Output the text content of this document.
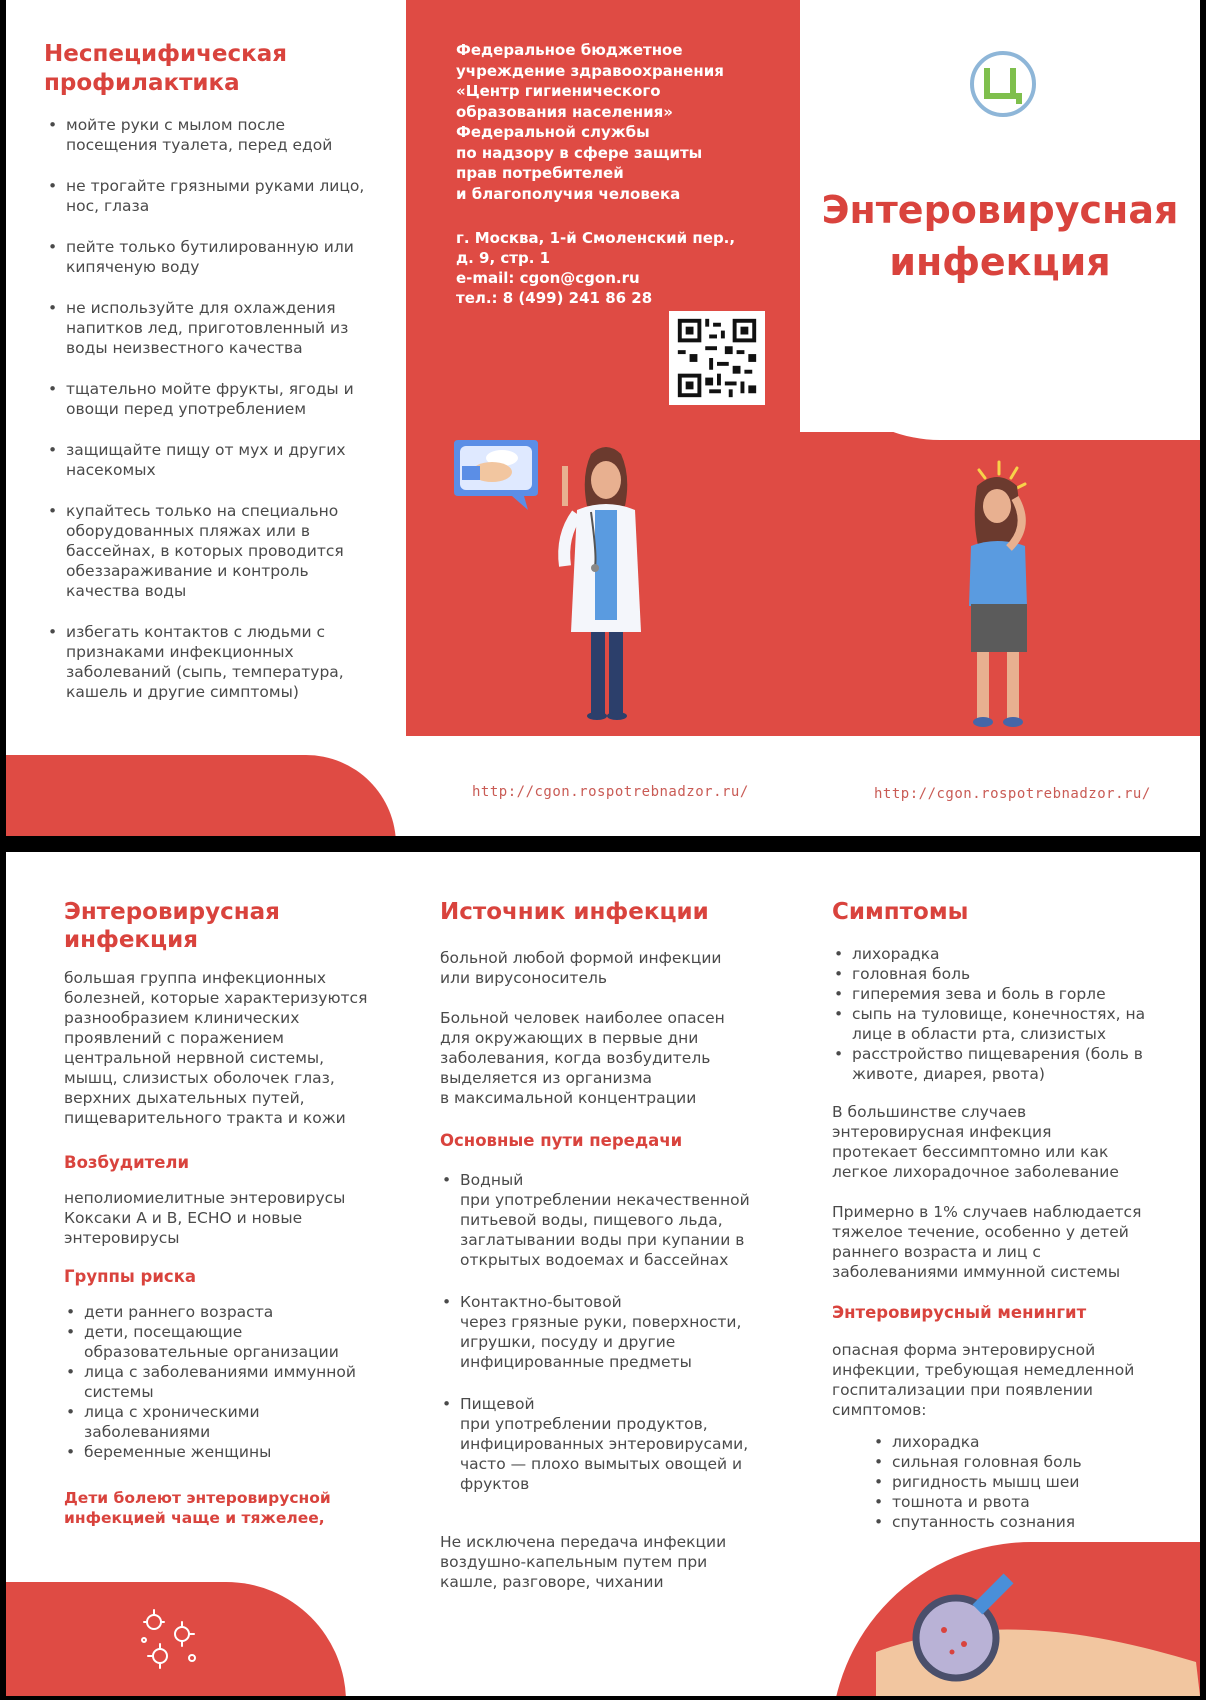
Неспецифическая профилактика
• мойте руки с мылом после посещения туалета, перед едой
• не трогайте грязными руками лицо, нос, глаза
• пейте только бутилированную или кипяченую воду
• не используйте для охлаждения напитков лед, приготовленный из воды неизвестного качества
• тщательно мойте фрукты, ягоды и овощи перед употреблением
• защищайте пищу от мух и других насекомых
• купайтесь только на специально оборудованных пляжах или в бассейнах, в которых проводится обеззараживание и контроль качества воды
• избегать контактов с людьми с признаками инфекционных заболеваний (сыпь, температура, кашель и другие симптомы)

Федеральное бюджетное

учреждение здравоохранения

«Центр гигиенического

образования населения»

Федеральной службы

по надзору в сфере защиты

прав потребителей

и благополучия человека

г. Москва, 1-й Смоленский пер.,

д. 9, стр. 1

e-mail: cgon@cgon.ru

тел.: 8 (499) 241 86 28

Энтеровирусная
инфекция
http://cgon.rospotrebnadzor.ru/	http://cgon.rospotrebnadzor.ru/
Энтеровирусная
инфекция

большая группа инфекционных

болезней, которые характеризуются

разнообразием клинических

проявлений с поражением

центральной нервной системы,

мышц, слизистых оболочек глаз,

верхних дыхательных путей,

пищеварительного тракта и кожи

Возбудители

неполиомиелитные энтеровирусы

Коксаки А и В, ECHO и новые

энтеровирусы

Группы риска
• дети раннего возраста
• дети, посещающие образовательные организации
• лица с заболеваниями иммунной системы
• лица с хроническими заболеваниями
• беременные женщины
Дети болеют энтеровирусной
инфекцией чаще и тяжелее,
Источник инфекции

больной любой формой инфекции

или вирусоноситель

Больной человек наиболее опасен

для окружающих в первые дни

заболевания, когда возбудитель

выделяется из организма

в максимальной концентрации

Основные пути передачи
• Водный
при употреблении некачественной питьевой воды, пищевого льда, заглатывании воды при купании в открытых водоемах и бассейнах
• Контактно-бытовой
через грязные руки, поверхности, игрушки, посуду и другие инфицированные предметы
• Пищевой
при употреблении продуктов, инфицированных энтеровирусами, часто — плохо вымытых овощей и фруктов

Не исключена передача инфекции

воздушно-капельным путем при

кашле, разговоре, чихании

Симптомы
• лихорадка
• головная боль
• гиперемия зева и боль в горле
• сыпь на туловище, конечностях, на лице в области рта, слизистых
• расстройство пищеварения (боль в животе, диарея, рвота)

В большинстве случаев

энтеровирусная инфекция

протекает бессимптомно или как

легкое лихорадочное заболевание

Примерно в 1% случаев наблюдается

тяжелое течение, особенно у детей

раннего возраста и лиц с

заболеваниями иммунной системы

Энтеровирусный менингит

опасная форма энтеровирусной

инфекции, требующая немедленной

госпитализации при появлении

симптомов:

• лихорадка
• сильная головная боль
• ригидность мышц шеи
• тошнота и рвота
• спутанность сознания
